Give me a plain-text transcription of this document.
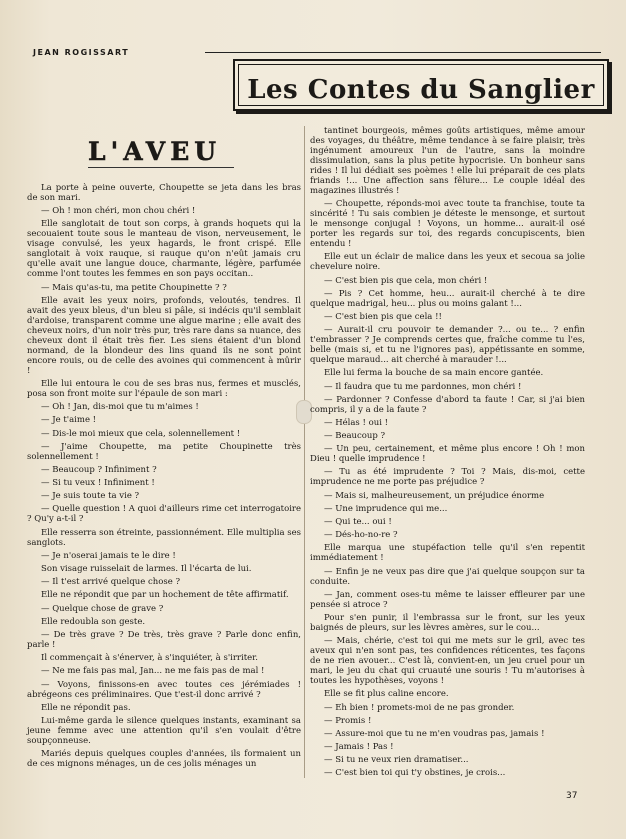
JEAN ROGISSART
Les Contes du Sanglier
L'AVEU

La porte à peine ouverte, Choupette se jeta dans les bras de son mari.

— Oh ! mon chéri, mon chou chéri !

Elle sanglotait de tout son corps, à grands hoquets qui la secouaient toute sous le manteau de vison, nerveusement, le visage convulsé, les yeux hagards, le front crispé. Elle sanglotait à voix rauque, si rauque qu'on n'eût jamais cru qu'elle avait une langue douce, charmante, légère, parfumée comme l'ont toutes les femmes en son pays occitan..

— Mais qu'as-tu, ma petite Choupinette ? ?

Elle avait les yeux noirs, profonds, veloutés, tendres. Il avait des yeux bleus, d'un bleu si pâle, si indécis qu'il semblait d'ardoise, transparent comme une algue marine ; elle avait des cheveux noirs, d'un noir très pur, très rare dans sa nuance, des cheveux dont il était très fier. Les siens étaient d'un blond normand, de la blondeur des lins quand ils ne sont point encore rouis, ou de celle des avoines qui commencent à mûrir !

Elle lui entoura le cou de ses bras nus, fermes et musclés, posa son front moite sur l'épaule de son mari :

— Oh ! Jan, dis-moi que tu m'aimes !

— Je t'aime !

— Dis-le moi mieux que cela, solennellement !

— J'aime Choupette, ma petite Choupinette très solennellement !

— Beaucoup ? Infiniment ?

— Si tu veux ! Infiniment !

— Je suis toute ta vie ?

— Quelle question ! A quoi d'ailleurs rime cet interrogatoire ? Qu'y a-t-il ?

Elle resserra son étreinte, passionnément. Elle multiplia ses sanglots.

— Je n'oserai jamais te le dire !

Son visage ruisselait de larmes. Il l'écarta de lui.

— Il t'est arrivé quelque chose ?

Elle ne répondit que par un hochement de tête affirmatif.

— Quelque chose de grave ?

Elle redoubla son geste.

— De très grave ? De très, très grave ? Parle donc enfin, parle !

Il commençait à s'énerver, à s'inquiéter, à s'irriter.

— Ne me fais pas mal, Jan... ne me fais pas de mal !

— Voyons, finissons-en avec toutes ces jérémiades ! abrégeons ces préliminaires. Que t'est-il donc arrivé ?

Elle ne répondit pas.

Lui-même garda le silence quelques instants, examinant sa jeune femme avec une attention qu'il s'en voulait d'être soupçonneuse.

Mariés depuis quelques couples d'années, ils formaient un de ces mignons ménages, un de ces jolis ménages un

tantinet bourgeois, mêmes goûts artistiques, même amour des voyages, du théâtre, même tendance à se faire plaisir, très ingénument amoureux l'un de l'autre, sans la moindre dissimulation, sans la plus petite hypocrisie. Un bonheur sans rides ! Il lui dédiait ses poèmes ! elle lui préparait de ces plats friands !... Une affection sans fêlure... Le couple idéal des magazines illustrés !

— Choupette, réponds-moi avec toute ta franchise, toute ta sincérité ! Tu sais combien je déteste le mensonge, et surtout le mensonge conjugal ! Voyons, un homme... aurait-il osé porter les regards sur toi, des regards concupiscents, bien entendu !

Elle eut un éclair de malice dans les yeux et secoua sa jolie chevelure noire.

— C'est bien pis que cela, mon chéri !

— Pis ? Cet homme, heu... aurait-il cherché à te dire quelque madrigal, heu... plus ou moins galant !...

— C'est bien pis que cela !!

— Aurait-il cru pouvoir te demander ?... ou te... ? enfin t'embrasser ? Je comprends certes que, fraîche comme tu l'es, belle (mais si, et tu ne l'ignores pas), appétissante en somme, quelque maraud... ait cherché à marauder !...

Elle lui ferma la bouche de sa main encore gantée.

— Il faudra que tu me pardonnes, mon chéri !

— Pardonner ? Confesse d'abord ta faute ! Car, si j'ai bien compris, il y a de la faute ?

— Hélas ! oui !

— Beaucoup ?

— Un peu, certainement, et même plus encore ! Oh ! mon Dieu ! quelle imprudence !

— Tu as été imprudente ? Toi ? Mais, dis-moi, cette imprudence ne me porte pas préjudice ?

— Mais si, malheureusement, un préjudice énorme

— Une imprudence qui me...

— Qui te... oui !

— Dés-ho-no-re ?

Elle marqua une stupéfaction telle qu'il s'en repentit immédiatement !

— Enfin je ne veux pas dire que j'ai quelque soupçon sur ta conduite.

— Jan, comment oses-tu même te laisser effleurer par une pensée si atroce ?

Pour s'en punir, il l'embrassa sur le front, sur les yeux baignés de pleurs, sur les lèvres amères, sur le cou...

— Mais, chérie, c'est toi qui me mets sur le gril, avec tes aveux qui n'en sont pas, tes confidences réticentes, tes façons de ne rien avouer... C'est là, convient-en, un jeu cruel pour un mari, le jeu du chat qui cruauté une souris ! Tu m'autorises à toutes les hypothèses, voyons !

Elle se fit plus caline encore.

— Eh bien ! promets-moi de ne pas gronder.

— Promis !

— Assure-moi que tu ne m'en voudras pas, jamais !

— Jamais ! Pas !

— Si tu ne veux rien dramatiser...

— C'est bien toi qui t'y obstines, je crois...

37
